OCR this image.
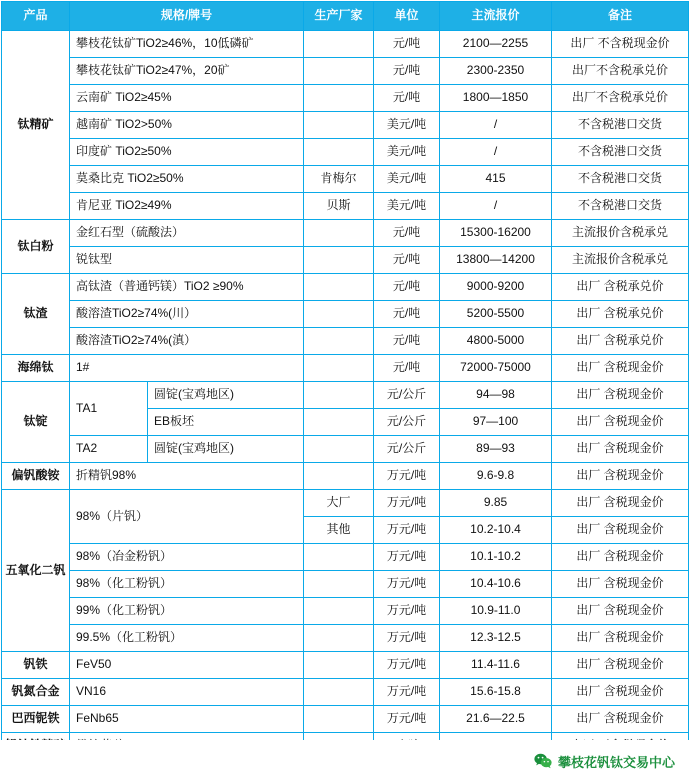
产品	规格/牌号		生产厂家	单位	主流报价	备注
钛精矿	攀枝花钛矿TiO2≥46%，10低磷矿			元/吨	2100—2255	出厂 不含税现金价
	攀枝花钛矿TiO2≥47%，20矿			元/吨	2300-2350	出厂不含税承兑价
	云南矿 TiO2≥45%			元/吨	1800—1850	出厂不含税承兑价
	越南矿 TiO2>50%			美元/吨	/	不含税港口交货
	印度矿 TiO2≥50%			美元/吨	/	不含税港口交货
	莫桑比克 TiO2≥50%		肯梅尔	美元/吨	415	不含税港口交货
	肯尼亚 TiO2≥49%		贝斯	美元/吨	/	不含税港口交货
钛白粉	金红石型（硫酸法）			元/吨	15300-16200	主流报价含税承兑
	锐钛型			元/吨	13800—14200	主流报价含税承兑
钛渣	高钛渣（普通钙镁）TiO2 ≥90%			元/吨	9000-9200	出厂 含税承兑价
	酸溶渣TiO2≥74%(川）			元/吨	5200-5500	出厂 含税承兑价
	酸溶渣TiO2≥74%(滇）			元/吨	4800-5000	出厂 含税承兑价
海绵钛	1#			元/吨	72000-75000	出厂 含税现金价
钛锭	TA1	圆锭(宝鸡地区)		元/公斤	94—98	出厂 含税现金价
		EB板坯		元/公斤	97—100	出厂 含税现金价
	TA2	圆锭(宝鸡地区)		元/公斤	89—93	出厂 含税现金价
偏钒酸铵	折精钒98%			万元/吨	9.6-9.8	出厂 含税现金价
五氧化二钒	98%（片钒）		大厂	万元/吨	9.85	出厂 含税现金价
			其他	万元/吨	10.2-10.4	出厂 含税现金价
	98%（冶金粉钒）			万元/吨	10.1-10.2	出厂 含税现金价
	98%（化工粉钒）			万元/吨	10.4-10.6	出厂 含税现金价
	99%（化工粉钒）			万元/吨	10.9-11.0	出厂 含税现金价
	99.5%（化工粉钒）			万元/吨	12.3-12.5	出厂 含税现金价
钒铁	FeV50			万元/吨	11.4-11.6	出厂 含税现金价
钒氮合金	VN16			万元/吨	15.6-15.8	出厂 含税现金价
巴西铌铁	FeNb65			万元/吨	21.6—22.5	出厂 含税现金价

攀枝花钒钛交易中心
